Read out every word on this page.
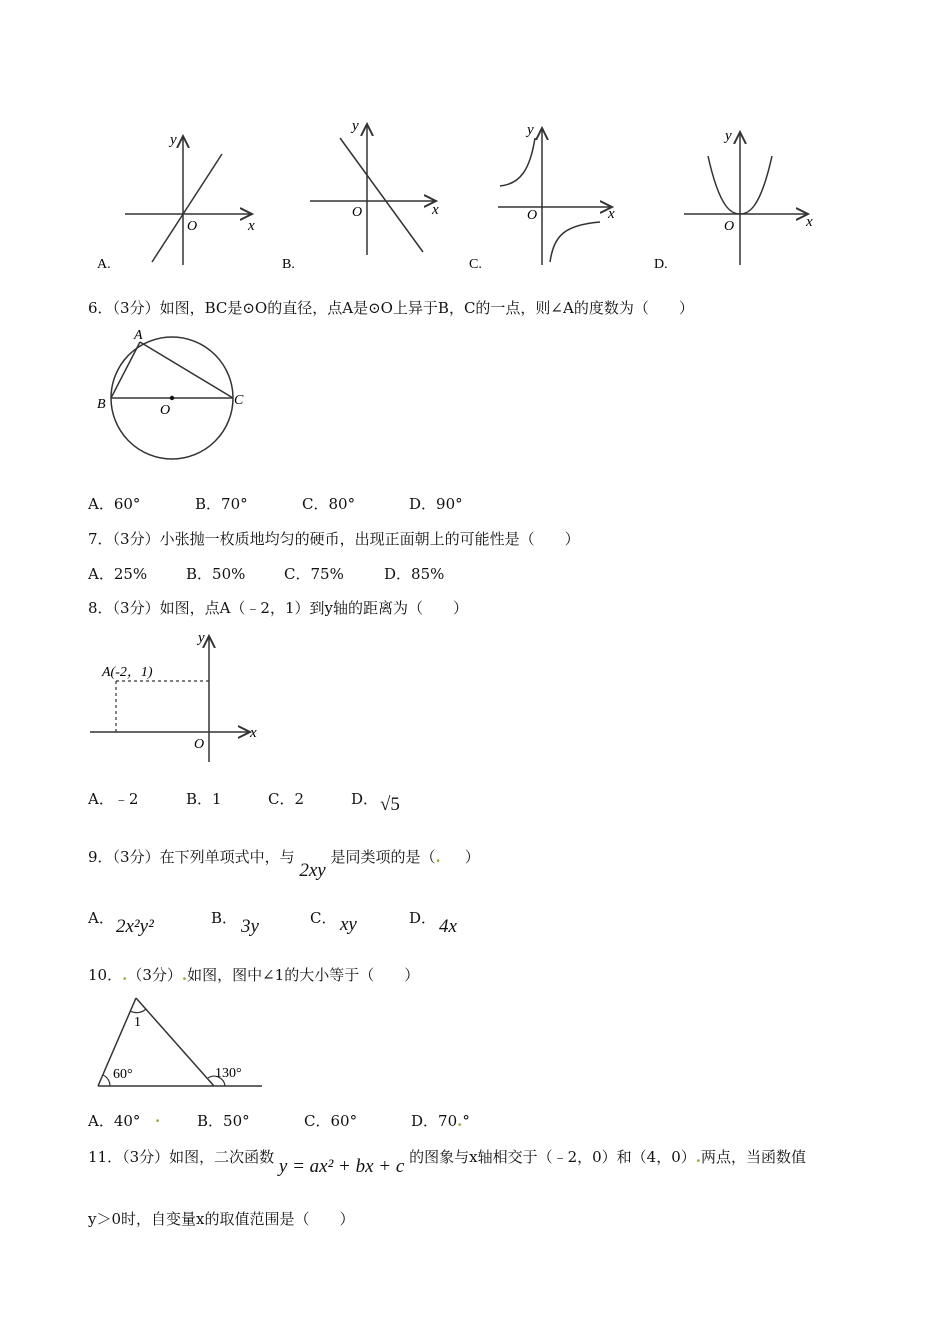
y
x
O
A.
y
x
O
B.
y
x
O
C.
y
x
O
D.
6．（3分）如图，BC是⊙O的直径，点A是⊙O上异于B，C的一点，则∠A的度数为（　　）
A
B	C
O
A．60°	B．70°	C．80°	D．90°
7．（3分）小张抛一枚质地均匀的硬币，出现正面朝上的可能性是（　　）
A．25%	B．50%	C．75%	D．85%
8．（3分）如图，点A（﹣2，1）到y轴的距离为（　　）
A(-2，1)
y
x
O
A．﹣2	B．1	C．2	D． √5
9．（3分）在下列单项式中，与 2xy 是同类项的是（. ）
A． 2x²y²	B． 3y	C． xy	D． 4x
10．.（3分）.如图，图中∠1的大小等于（　　）
1
60°	130°
A．40° . B．50°	C．60°	D．70.°
11．（3分）如图，二次函数 y = ax² + bx + c 的图象与x轴相交于（﹣2，0）和（4，0）.两点，当函数值
y＞0时，自变量x的取值范围是（　　）
